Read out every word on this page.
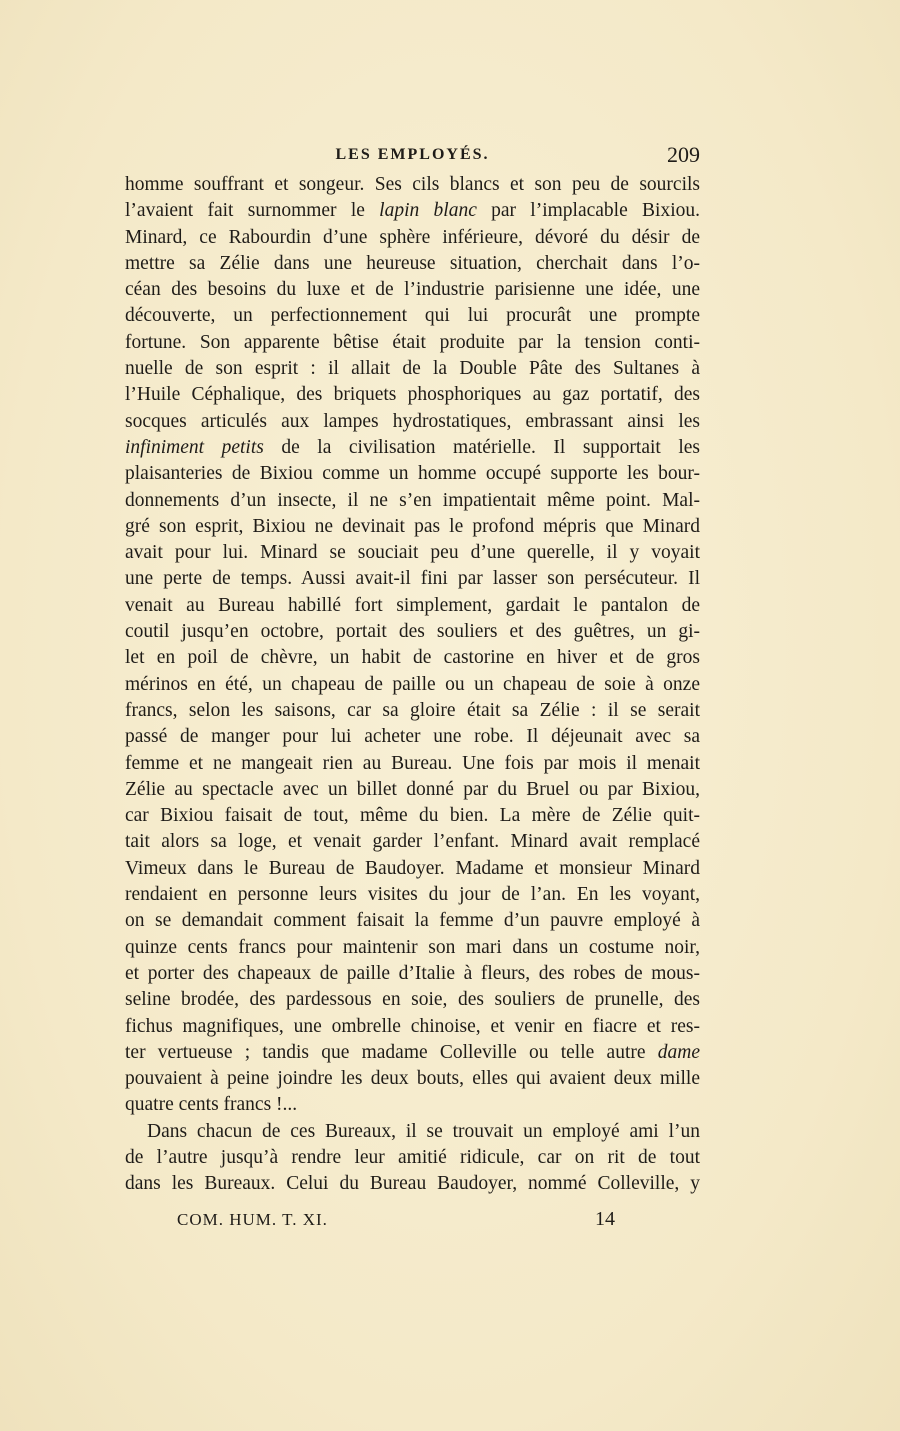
LES EMPLOYÉS.	209
homme souffrant et songeur. Ses cils blancs et son peu de sourcils
l’avaient fait surnommer le lapin blanc par l’implacable Bixiou.
Minard, ce Rabourdin d’une sphère inférieure, dévoré du désir de
mettre sa Zélie dans une heureuse situation, cherchait dans l’o-
céan des besoins du luxe et de l’industrie parisienne une idée, une
découverte, un perfectionnement qui lui procurât une prompte
fortune. Son apparente bêtise était produite par la tension conti-
nuelle de son esprit : il allait de la Double Pâte des Sultanes à
l’Huile Céphalique, des briquets phosphoriques au gaz portatif, des
socques articulés aux lampes hydrostatiques, embrassant ainsi les
infiniment petits de la civilisation matérielle. Il supportait les
plaisanteries de Bixiou comme un homme occupé supporte les bour-
donnements d’un insecte, il ne s’en impatientait même point. Mal-
gré son esprit, Bixiou ne devinait pas le profond mépris que Minard
avait pour lui. Minard se souciait peu d’une querelle, il y voyait
une perte de temps. Aussi avait-il fini par lasser son persécuteur. Il
venait au Bureau habillé fort simplement, gardait le pantalon de
coutil jusqu’en octobre, portait des souliers et des guêtres, un gi-
let en poil de chèvre, un habit de castorine en hiver et de gros
mérinos en été, un chapeau de paille ou un chapeau de soie à onze
francs, selon les saisons, car sa gloire était sa Zélie : il se serait
passé de manger pour lui acheter une robe. Il déjeunait avec sa
femme et ne mangeait rien au Bureau. Une fois par mois il menait
Zélie au spectacle avec un billet donné par du Bruel ou par Bixiou,
car Bixiou faisait de tout, même du bien. La mère de Zélie quit-
tait alors sa loge, et venait garder l’enfant. Minard avait remplacé
Vimeux dans le Bureau de Baudoyer. Madame et monsieur Minard
rendaient en personne leurs visites du jour de l’an. En les voyant,
on se demandait comment faisait la femme d’un pauvre employé à
quinze cents francs pour maintenir son mari dans un costume noir,
et porter des chapeaux de paille d’Italie à fleurs, des robes de mous-
seline brodée, des pardessous en soie, des souliers de prunelle, des
fichus magnifiques, une ombrelle chinoise, et venir en fiacre et res-
ter vertueuse ; tandis que madame Colleville ou telle autre dame
pouvaient à peine joindre les deux bouts, elles qui avaient deux mille
quatre cents francs !...
Dans chacun de ces Bureaux, il se trouvait un employé ami l’un
de l’autre jusqu’à rendre leur amitié ridicule, car on rit de tout
dans les Bureaux. Celui du Bureau Baudoyer, nommé Colleville, y
COM. HUM. T. XI.	14
